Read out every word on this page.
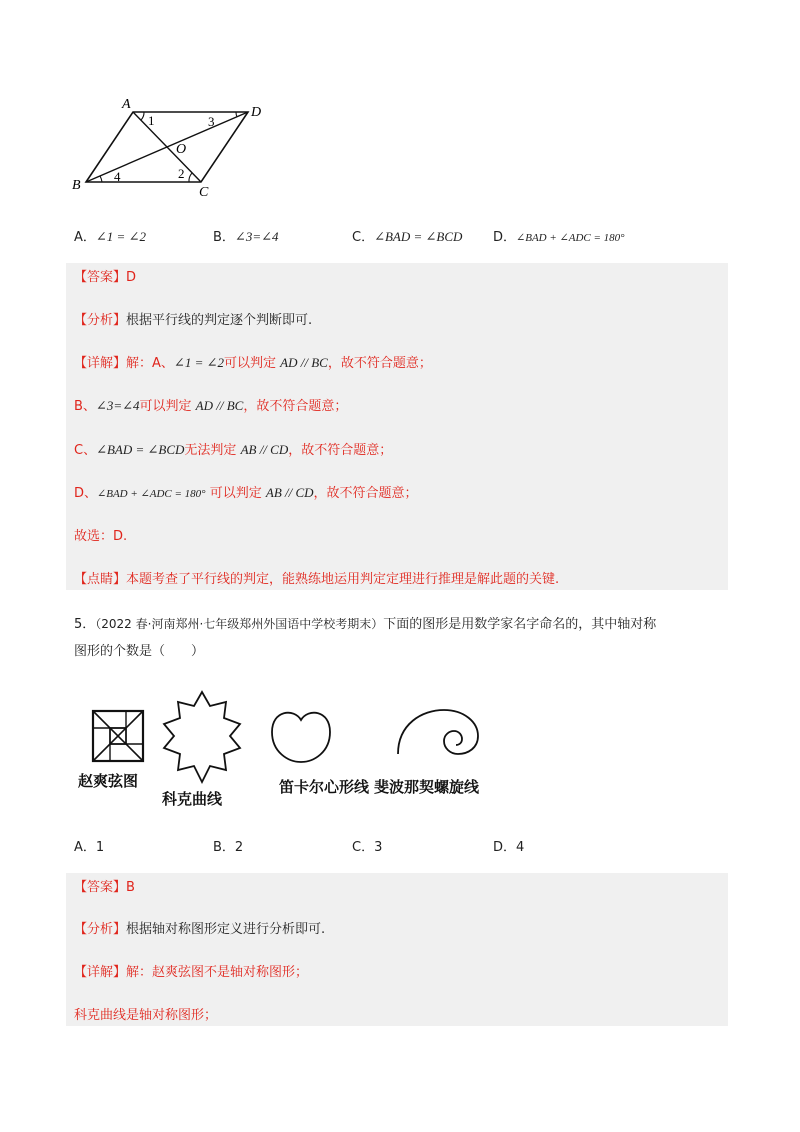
A
D
B	C
O
1
2
3
4
A．∠1 = ∠2	B．∠3=∠4	C．∠BAD = ∠BCD D．∠BAD + ∠ADC = 180°
【答案】D
【分析】根据平行线的判定逐个判断即可.
【详解】解：A、∠1 = ∠2可以判定 AD // BC，故不符合题意；
B、∠3=∠4可以判定 AD // BC，故不符合题意；
C、∠BAD = ∠BCD无法判定 AB // CD，故不符合题意；
D、∠BAD + ∠ADC = 180° 可以判定 AB // CD，故不符合题意；
故选：D.
【点睛】本题考查了平行线的判定，能熟练地运用判定定理进行推理是解此题的关键.
5．（2022 春·河南郑州·七年级郑州外国语中学校考期末）下面的图形是用数学家名字命名的，其中轴对称
图形的个数是（　　）
赵爽弦图
科克曲线
笛卡尔心形线 斐波那契螺旋线
A．1	B．2	C．3	D．4
【答案】B
【分析】根据轴对称图形定义进行分析即可.
【详解】解：赵爽弦图不是轴对称图形；
科克曲线是轴对称图形；
